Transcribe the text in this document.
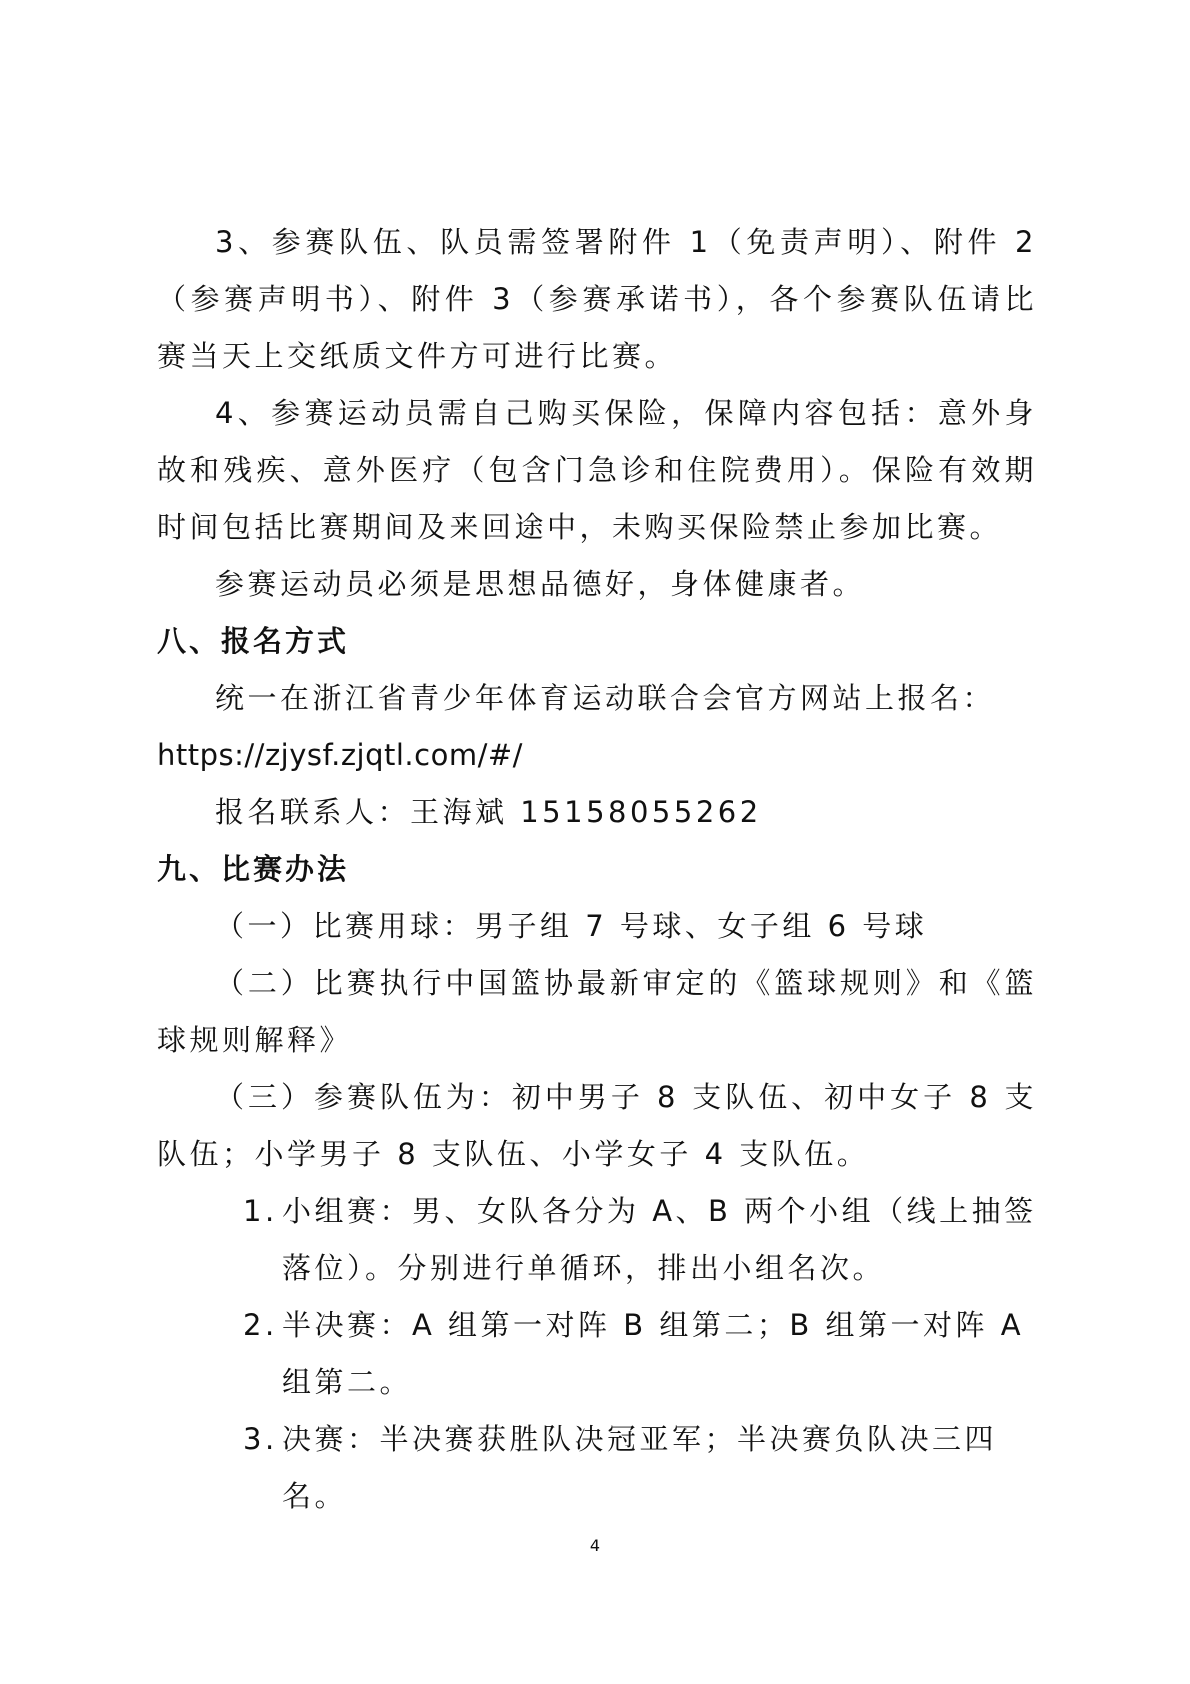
3、参赛队伍、队员需签署附件 1（免责声明）、附件 2（参赛声明书）、附件 3（参赛承诺书），各个参赛队伍请比赛当天上交纸质文件方可进行比赛。

4、参赛运动员需自己购买保险，保障内容包括：意外身故和残疾、意外医疗（包含门急诊和住院费用）。保险有效期时间包括比赛期间及来回途中，未购买保险禁止参加比赛。

参赛运动员必须是思想品德好，身体健康者。

八、报名方式

统一在浙江省青少年体育运动联合会官方网站上报名：

https://zjysf.zjqtl.com/#/

报名联系人：王海斌 15158055262

九、比赛办法

（一）比赛用球：男子组 7 号球、女子组 6 号球

（二）比赛执行中国篮协最新审定的《篮球规则》和《篮球规则解释》

（三）参赛队伍为：初中男子 8 支队伍、初中女子 8 支队伍；小学男子 8 支队伍、小学女子 4 支队伍。

1. 小组赛：男、女队各分为 A、B 两个小组（线上抽签落位）。分别进行单循环，排出小组名次。
2. 半决赛：A 组第一对阵 B 组第二；B 组第一对阵 A 组第二。
3. 决赛：半决赛获胜队决冠亚军；半决赛负队决三四名。
4
